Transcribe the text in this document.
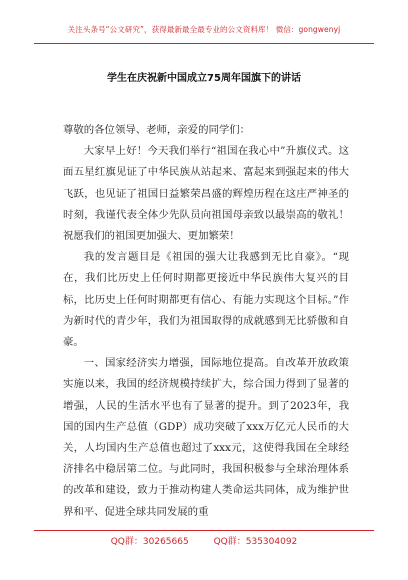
关注头条号“公文研究”，获得最新最全最专业的公文资料库！ 微信：gongwenyj
学生在庆祝新中国成立75周年国旗下的讲话

尊敬的各位领导、老师，亲爱的同学们：

大家早上好！今天我们举行“祖国在我心中”升旗仪式。这面五星红旗见证了中华民族从站起来、富起来到强起来的伟大飞跃，也见证了祖国日益繁荣昌盛的辉煌历程在这庄严神圣的时刻，我谨代表全体少先队员向祖国母亲致以最崇高的敬礼！祝愿我们的祖国更加强大、更加繁荣！

我的发言题目是《祖国的强大让我感到无比自豪》。“现在，我们比历史上任何时期都更接近中华民族伟大复兴的目标，比历史上任何时期都更有信心、有能力实现这个目标。”作为新时代的青少年，我们为祖国取得的成就感到无比骄傲和自豪。

一、国家经济实力增强，国际地位提高。自改革开放政策实施以来，我国的经济规模持续扩大，综合国力得到了显著的增强，人民的生活水平也有了显著的提升。到了2023年，我国的国内生产总值（GDP）成功突破了xxx万亿元人民币的大关，人均国内生产总值也超过了xxx元，这使得我国在全球经济排名中稳居第二位。与此同时，我国积极参与全球治理体系的改革和建设，致力于推动构建人类命运共同体，成为维护世界和平、促进全球共同发展的重

QQ群：30265665	QQ群：535304092
